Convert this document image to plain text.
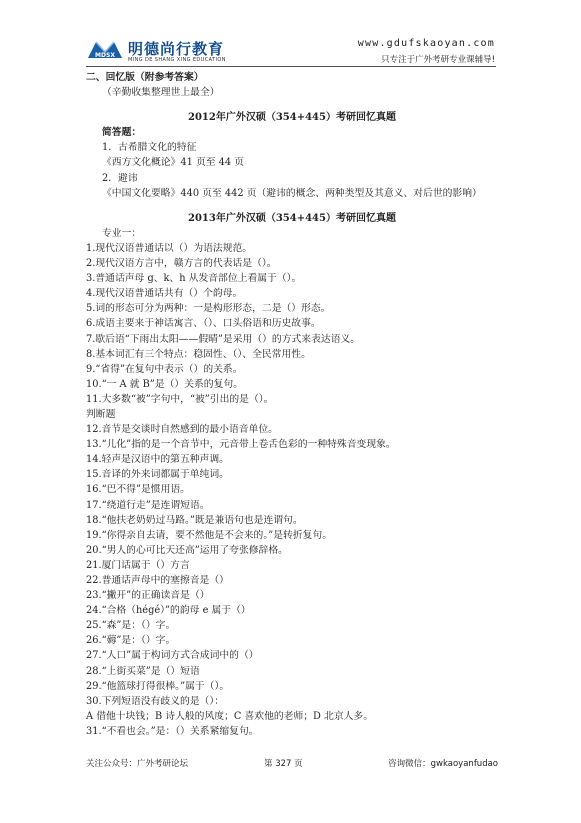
MDSX 明德尚行教育
MING DE SHANG XING EDUCATION
www.gdufskaoyan.com
只专注于广外考研专业课辅导!
二、回忆版（附参考答案）
（辛勤收集整理世上最全）
2012年广外汉硕（354+445）考研回忆真题
简答题：
1．古希腊文化的特征
《西方文化概论》41 页至 44 页
2．避讳
《中国文化要略》440 页至 442 页（避讳的概念、两种类型及其意义、对后世的影响）
2013年广外汉硕（354+445）考研回忆真题
专业一：
1.现代汉语普通话以（）为语法规范。
2.现代汉语方言中，赣方言的代表话是（）。
3.普通话声母 g、k、h 从发音部位上看属于（）。
4.现代汉语普通话共有（）个韵母。
5.词的形态可分为两种：一是构形形态，二是（）形态。
6.成语主要来于神话寓言、（）、口头俗语和历史故事。
7.歇后语“下雨出太阳——假晴”是采用（）的方式来表达语义。
8.基本词汇有三个特点：稳固性、（）、全民常用性。
9.“省得”在复句中表示（）的关系。
10.“一 A 就 B”是（）关系的复句。
11.大多数“被”字句中，“被”引出的是（）。
判断题
12.音节是交谈时自然感到的最小语音单位。
13.“儿化”指的是一个音节中，元音带上卷舌色彩的一种特殊音变现象。
14.轻声是汉语中的第五种声调。
15.音译的外来词都属于单纯词。
16.“巴不得”是惯用语。
17.“绕道行走”是连谓短语。
18.“他扶老奶奶过马路。”既是兼语句也是连谓句。
19.“你得亲自去请，要不然他是不会来的。”是转折复句。
20.“男人的心可比天还高”运用了夸张修辞格。
21.厦门话属于（）方言
22.普通话声母中的塞擦音是（）
23.“撇开”的正确读音是（）
24.“合格（hégé）”的韵母 e 属于（）
25.“森”是：（）字。
26.“薅”是：（）字。
27.“人口”属于构词方式合成词中的（）
28.“上街买菜”是（）短语
29.“他篮球打得很棒。”属于（）。
30.下列短语没有歧义的是（）：
A 借他十块钱；B 诗人般的风度；C 喜欢他的老师；D 北京人多。
31.“不看也会。”是：（）关系紧缩复句。
关注公众号：广外考研论坛	第 327 页	咨询微信：gwkaoyanfudao
